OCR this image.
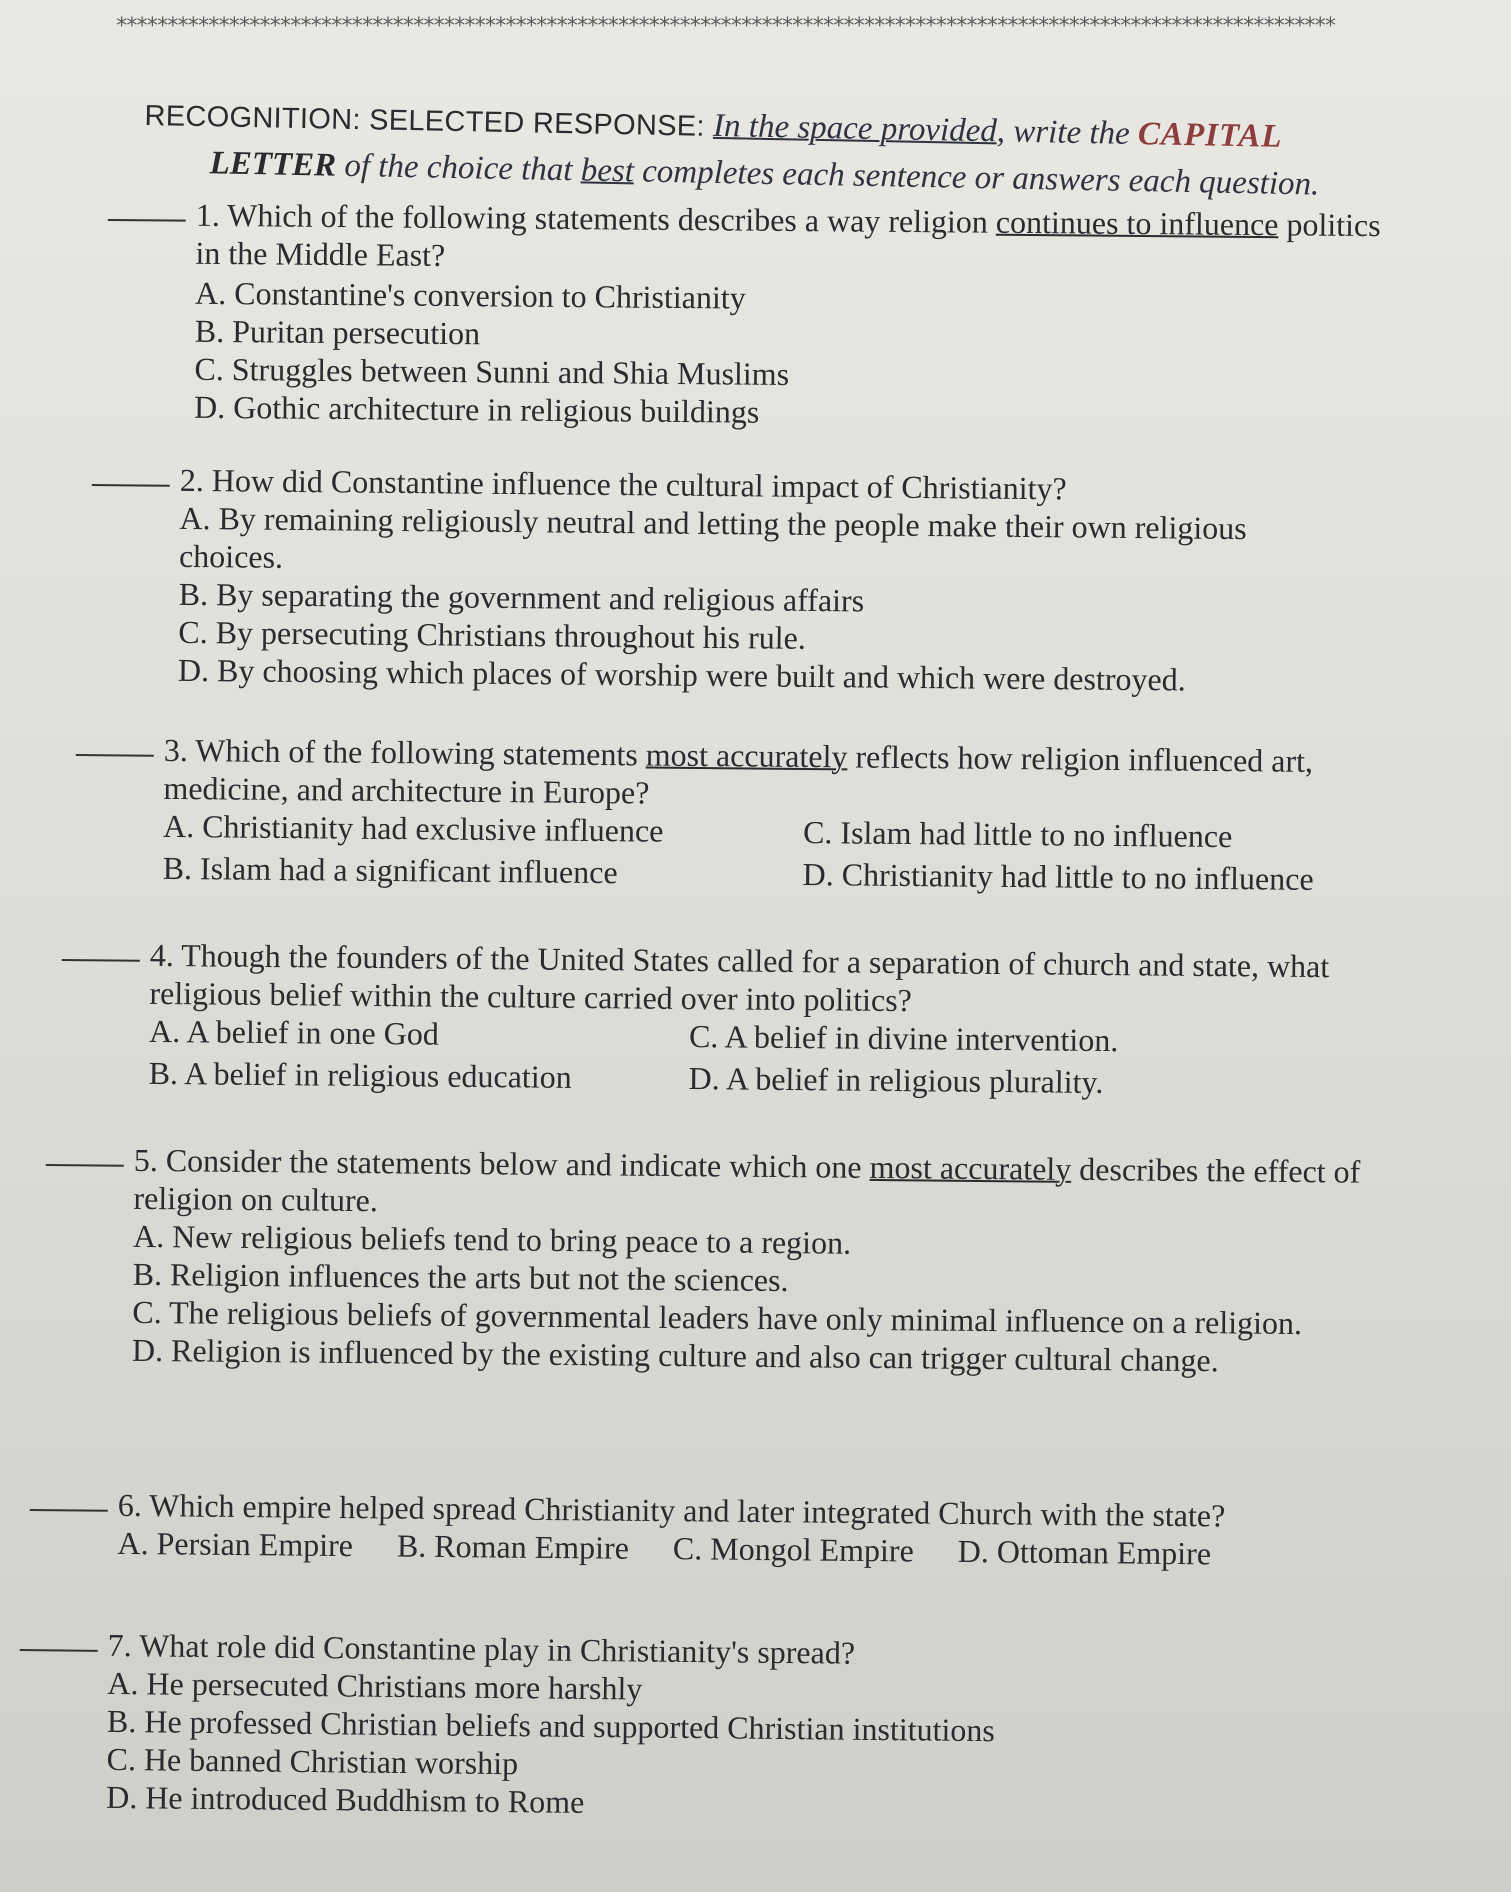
***********************************************************************************************************************
RECOGNITION: SELECTED RESPONSE: In the space provided, write the CAPITAL
LETTER of the choice that best completes each sentence or answers each question.
1. Which of the following statements describes a way religion continues to influence politics in the Middle East?
A. Constantine's conversion to Christianity
B. Puritan persecution
C. Struggles between Sunni and Shia Muslims
D. Gothic architecture in religious buildings
2. How did Constantine influence the cultural impact of Christianity?
A. By remaining religiously neutral and letting the people make their own religious choices.
B. By separating the government and religious affairs
C. By persecuting Christians throughout his rule.
D. By choosing which places of worship were built and which were destroyed.
3. Which of the following statements most accurately reflects how religion influenced art, medicine, and architecture in Europe?
A. Christianity had exclusive influence	C. Islam had little to no influence
B. Islam had a significant influence	D. Christianity had little to no influence
4. Though the founders of the United States called for a separation of church and state, what religious belief within the culture carried over into politics?
A. A belief in one God	C. A belief in divine intervention.
B. A belief in religious education	D. A belief in religious plurality.
5. Consider the statements below and indicate which one most accurately describes the effect of religion on culture.
A. New religious beliefs tend to bring peace to a region.
B. Religion influences the arts but not the sciences.
C. The religious beliefs of governmental leaders have only minimal influence on a religion.
D. Religion is influenced by the existing culture and also can trigger cultural change.
6. Which empire helped spread Christianity and later integrated Church with the state?
A. Persian Empire B. Roman Empire C. Mongol Empire D. Ottoman Empire
7. What role did Constantine play in Christianity's spread?
A. He persecuted Christians more harshly
B. He professed Christian beliefs and supported Christian institutions
C. He banned Christian worship
D. He introduced Buddhism to Rome
